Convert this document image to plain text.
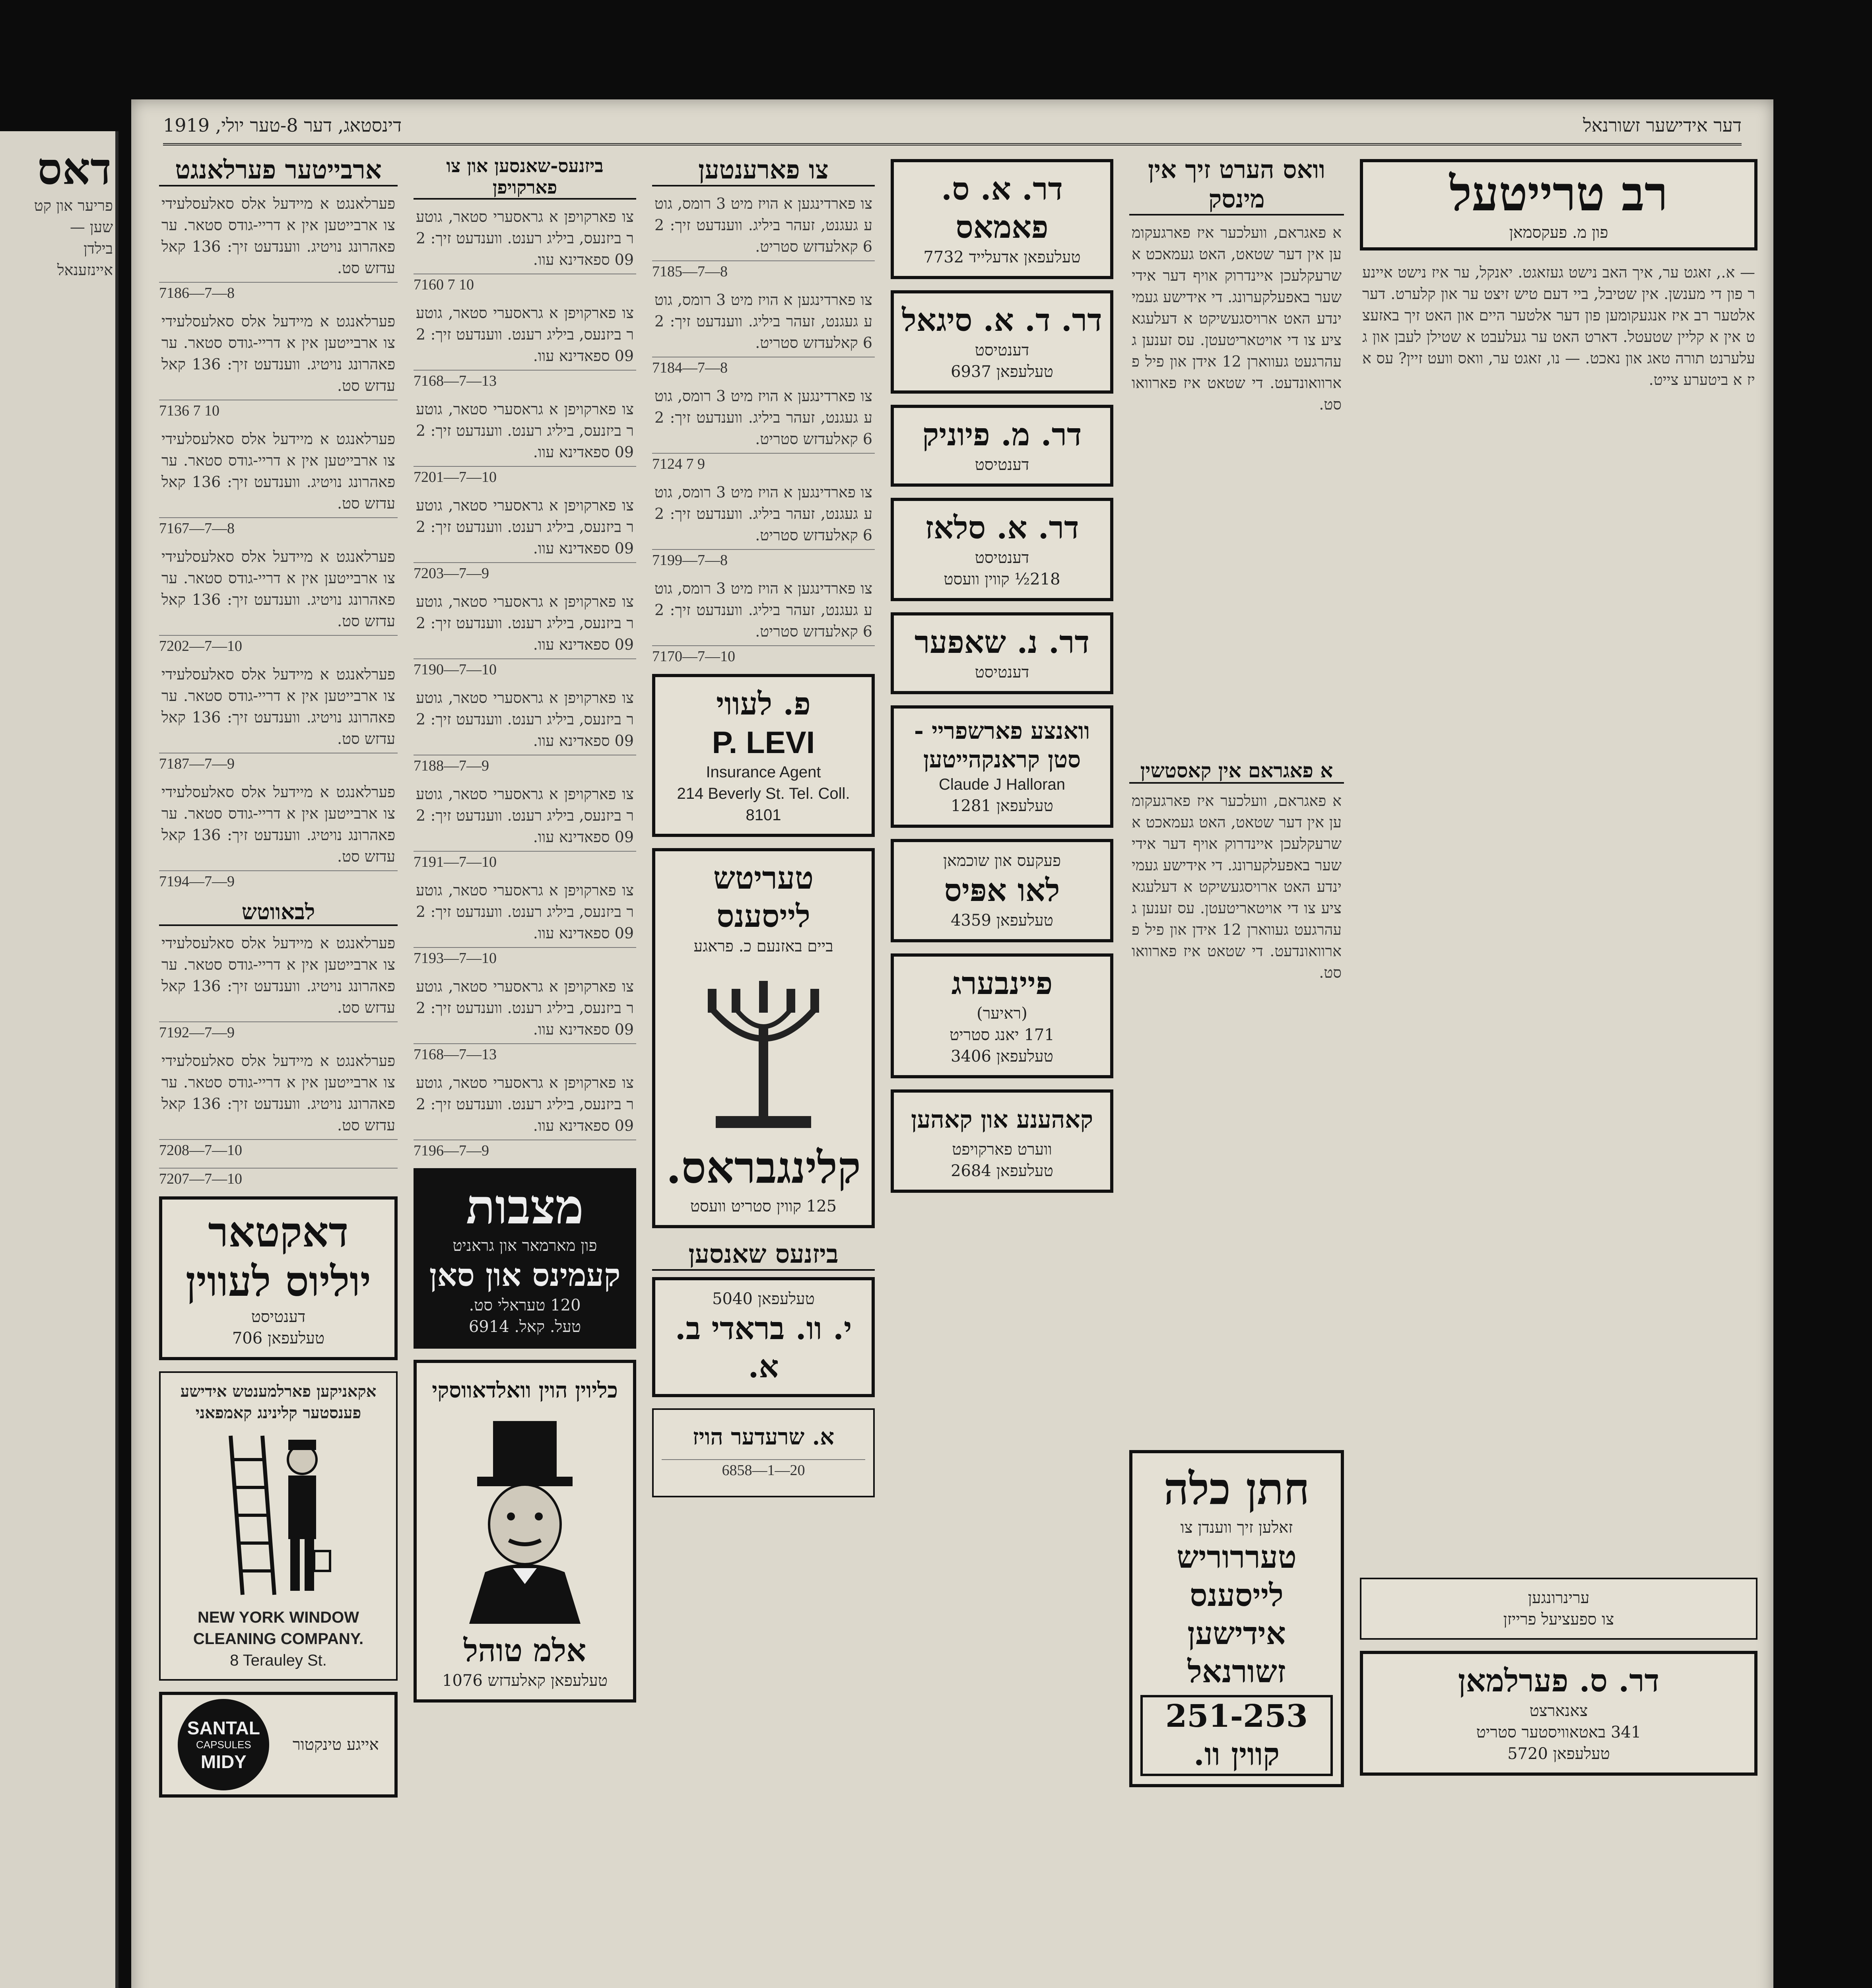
דאס
פריער און קט
שען —
בילדן
איינזענאל
דער אידישער זשורנאל
דינסטאג, דער 8-טער יולי, 1919
רב טרייטעל
פון מ. פעקסמאן
— א., זאגט ער, איך האב נישט געזאגט. יאנקל, ער איז נישט איינער פון די מענשן. אין שטיבל, ביי דעם טיש זיצט ער און קלערט. דער אלטער רב איז אנגעקומען פון דער אלטער היים און האט זיך באזעצט אין א קליין שטעטל. דארט האט ער געלעבט א שטילן לעבן און געלערנט תורה טאג און נאכט. — נו, זאגט ער, וואס וועט זיין? עס איז א ביטערע צייט.
ערינרונגען
צו ספעציעל פרייזן
דר. ס. פערלמאן
צאנארצט
341 באטאוויסטער סטריט
טעלעפאן 5720
וואס הערט זיך אין מינסק
א פאגראם, וועלכער איז פארגעקומען אין דער שטאט, האט געמאכט א שרעקלעכן איינדרוק אויף דער אידישער באפעלקערונג. די אידישע געמיינדע האט ארויסגעשיקט א דעלעגאציע צו די אויטאריטעטן. עס זענען געהרגעט געווארן 12 אידן און פיל פארוואונדעט. די שטאט איז פארוואוסט.
א פאגראם אין קאסטשין
א פאגראם, וועלכער איז פארגעקומען אין דער שטאט, האט געמאכט א שרעקלעכן איינדרוק אויף דער אידישער באפעלקערונג. די אידישע געמיינדע האט ארויסגעשיקט א דעלעגאציע צו די אויטאריטעטן. עס זענען געהרגעט געווארן 12 אידן און פיל פארוואונדעט. די שטאט איז פארוואוסט.
חתן כלה
זאלען זיך ווענדן צו
טעררוריש לייסענס
אידישען זשורנאל
251-253 קווין וו.
דר. א. ס. פאמאס
טעלעפאן אדעלייד 7732
דר. ד. א. סיגאל
דענטיסט
טעלעפאן 6937
דר. מ. פיוניק
דענטיסט
דר. א. סלאז
דענטיסט
218½ קווין וועסט
דר. נ. שאפער
דענטיסט
וואנצע פארשפריי - סטן קראנקהייטען
Claude J Halloran
טעלעפאן 1281
פעקעס און שוכמאן
לאו אפּיס
טעלעפאן 4359
פיינבערג
(ראיער)
171 יאנג סטריט
טעלעפאן 3406
קאהענע און קאהען
ווערט פארקויפט
טעלעפאן 2684
צו פארענטען
צו פארדינגען א הויז מיט 3 רומס, גוטע געגנט, זעהר ביליג. ווענדעט זיך: 26 קאלעדזש סטריט.
7185—7—8
צו פארדינגען א הויז מיט 3 רומס, גוטע געגנט, זעהר ביליג. ווענדעט זיך: 26 קאלעדזש סטריט.
7184—7—8
צו פארדינגען א הויז מיט 3 רומס, גוטע געגנט, זעהר ביליג. ווענדעט זיך: 26 קאלעדזש סטריט.
7124 7 9
צו פארדינגען א הויז מיט 3 רומס, גוטע געגנט, זעהר ביליג. ווענדעט זיך: 26 קאלעדזש סטריט.
7199—7—8
צו פארדינגען א הויז מיט 3 רומס, גוטע געגנט, זעהר ביליג. ווענדעט זיך: 26 קאלעדזש סטריט.
7170—7—10
פ. לעווי
P. LEVI
Insurance Agent
214 Beverly St. Tel. Coll. 8101
טעריטש לייסענס
ביים באזנעם כ. פראגע
קלינגבראס.
125 קווין סטריט וועסט
ביזנעס שאנסען
טעלעפאן 5040
י. וו. בראדי ב. א.
א. שרעדער הויז
6858—1—20
ביזנעס-שאנסען און צו פארקויפן
צו פארקויפן א גראסערי סטאר, גוטער ביזנעס, ביליג רענט. ווענדעט זיך: 209 ספאדינא עוו.
7160 7 10
צו פארקויפן א גראסערי סטאר, גוטער ביזנעס, ביליג רענט. ווענדעט זיך: 209 ספאדינא עוו.
7168—7—13
צו פארקויפן א גראסערי סטאר, גוטער ביזנעס, ביליג רענט. ווענדעט זיך: 209 ספאדינא עוו.
7201—7—10
צו פארקויפן א גראסערי סטאר, גוטער ביזנעס, ביליג רענט. ווענדעט זיך: 209 ספאדינא עוו.
7203—7—9
צו פארקויפן א גראסערי סטאר, גוטער ביזנעס, ביליג רענט. ווענדעט זיך: 209 ספאדינא עוו.
7190—7—10
צו פארקויפן א גראסערי סטאר, גוטער ביזנעס, ביליג רענט. ווענדעט זיך: 209 ספאדינא עוו.
7188—7—9
צו פארקויפן א גראסערי סטאר, גוטער ביזנעס, ביליג רענט. ווענדעט זיך: 209 ספאדינא עוו.
7191—7—10
צו פארקויפן א גראסערי סטאר, גוטער ביזנעס, ביליג רענט. ווענדעט זיך: 209 ספאדינא עוו.
7193—7—10
צו פארקויפן א גראסערי סטאר, גוטער ביזנעס, ביליג רענט. ווענדעט זיך: 209 ספאדינא עוו.
7168—7—13
צו פארקויפן א גראסערי סטאר, גוטער ביזנעס, ביליג רענט. ווענדעט זיך: 209 ספאדינא עוו.
7196—7—9
מצבות
פון מארמאר און גראניט
קעמינס און סאן
120 טעראלי סט.
טעל. קאל. 6914
כליוין הוין וואלדאווסקי
אלמ טוהל
טעלעפאן קאלעדזש 1076
ארבייטער פערלאנגט
פערלאנגט א מיידעל אלס סאלעסלעידי צו ארבייטען אין א דריי-גודס סטאר. ערפאהרונג נויטיג. ווענדעט זיך: 136 קאלעדזש סט.
7186—7—8
פערלאנגט א מיידעל אלס סאלעסלעידי צו ארבייטען אין א דריי-גודס סטאר. ערפאהרונג נויטיג. ווענדעט זיך: 136 קאלעדזש סט.
7136 7 10
פערלאנגט א מיידעל אלס סאלעסלעידי צו ארבייטען אין א דריי-גודס סטאר. ערפאהרונג נויטיג. ווענדעט זיך: 136 קאלעדזש סט.
7167—7—8
פערלאנגט א מיידעל אלס סאלעסלעידי צו ארבייטען אין א דריי-גודס סטאר. ערפאהרונג נויטיג. ווענדעט זיך: 136 קאלעדזש סט.
7202—7—10
פערלאנגט א מיידעל אלס סאלעסלעידי צו ארבייטען אין א דריי-גודס סטאר. ערפאהרונג נויטיג. ווענדעט זיך: 136 קאלעדזש סט.
7187—7—9
פערלאנגט א מיידעל אלס סאלעסלעידי צו ארבייטען אין א דריי-גודס סטאר. ערפאהרונג נויטיג. ווענדעט זיך: 136 קאלעדזש סט.
7194—7—9
לבאווטש
פערלאנגט א מיידעל אלס סאלעסלעידי צו ארבייטען אין א דריי-גודס סטאר. ערפאהרונג נויטיג. ווענדעט זיך: 136 קאלעדזש סט.
7192—7—9
פערלאנגט א מיידעל אלס סאלעסלעידי צו ארבייטען אין א דריי-גודס סטאר. ערפאהרונג נויטיג. ווענדעט זיך: 136 קאלעדזש סט.
7208—7—10
7207—7—10
דאקטאר יוליוס לעווין
דענטיסט
טעלעפאן 706
אקאניקען פארלמענטש אידישע פענסטער קלינינג קאמפאני
NEW YORK WINDOW CLEANING COMPANY.
8 Terauley St.
אייגע טינקטור
SANTAL
CAPSULES
MIDY
